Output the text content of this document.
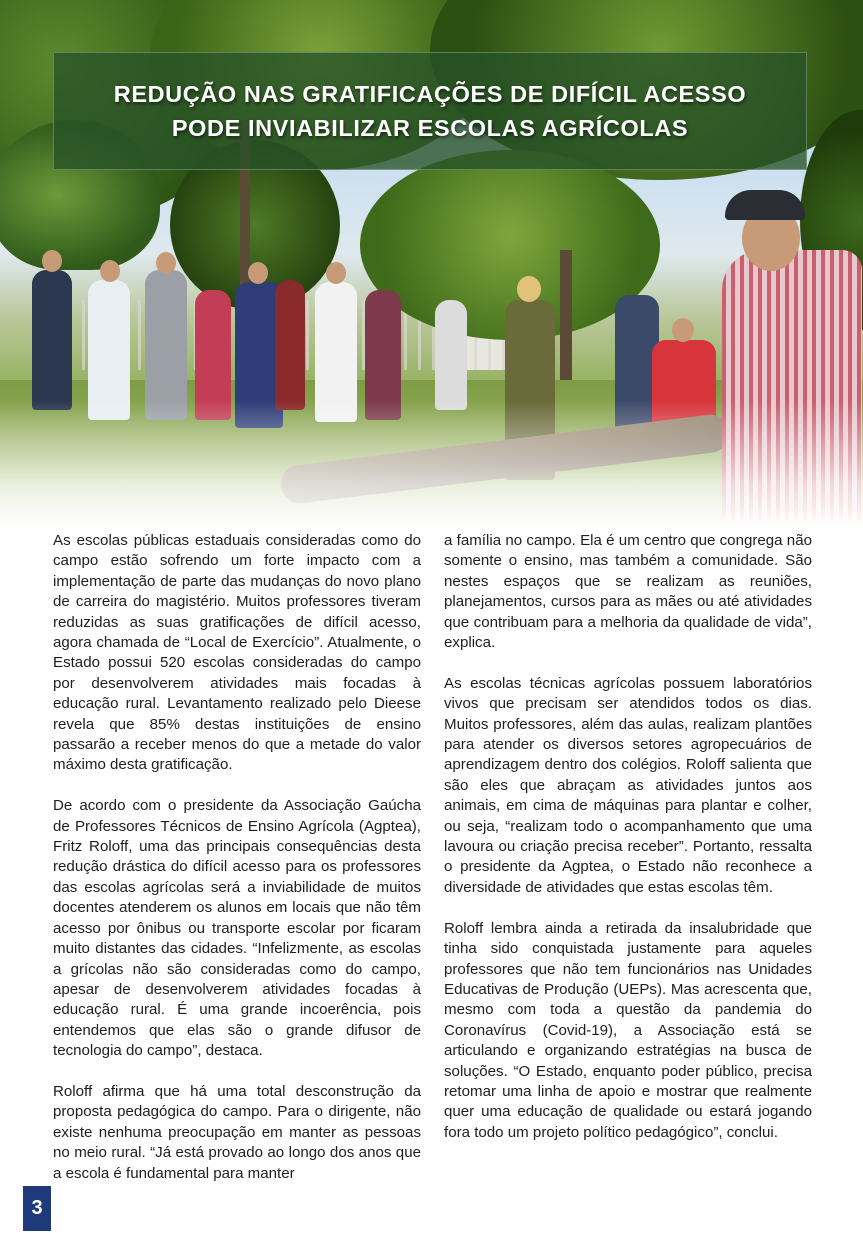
REDUÇÃO NAS GRATIFICAÇÕES DE DIFÍCIL ACESSO
PODE INVIABILIZAR ESCOLAS AGRÍCOLAS

As escolas públicas estaduais consideradas como do campo estão sofrendo um forte impacto com a implementação de parte das mudanças do novo plano de carreira do magistério. Muitos professores tiveram reduzidas as suas gratificações de difícil acesso, agora chamada de “Local de Exercício”. Atualmente, o Estado possui 520 escolas consideradas do campo por desenvolverem atividades mais focadas à educação rural. Levantamento realizado pelo Dieese revela que 85% destas instituições de ensino passarão a receber menos do que a metade do valor máximo desta gratificação.

De acordo com o presidente da Associação Gaúcha de Professores Técnicos de Ensino Agrícola (Agptea), Fritz Roloff, uma das principais consequências desta redução drástica do difícil acesso para os professores das escolas agrícolas será a inviabilidade de muitos docentes atenderem os alunos em locais que não têm acesso por ônibus ou transporte escolar por ficaram muito distantes das cidades. “Infelizmente, as escolas a grícolas não são consideradas como do campo, apesar de desenvolverem atividades focadas à educação rural. É uma grande incoerência, pois entendemos que elas são o grande difusor de tecnologia do campo”, destaca.

Roloff afirma que há uma total desconstrução da proposta pedagógica do campo. Para o dirigente, não existe nenhuma preocupação em manter as pessoas no meio rural. “Já está provado ao longo dos anos que a escola é fundamental para manter

a família no campo. Ela é um centro que congrega não somente o ensino, mas também a comunidade. São nestes espaços que se realizam as reuniões, planejamentos, cursos para as mães ou até atividades que contribuam para a melhoria da qualidade de vida”, explica.

As escolas técnicas agrícolas possuem laboratórios vivos que precisam ser atendidos todos os dias. Muitos professores, além das aulas, realizam plantões para atender os diversos setores agropecuários de aprendizagem dentro dos colégios. Roloff salienta que são eles que abraçam as atividades juntos aos animais, em cima de máquinas para plantar e colher, ou seja, “realizam todo o acompanhamento que uma lavoura ou criação precisa receber”. Portanto, ressalta o presidente da Agptea, o Estado não reconhece a diversidade de atividades que estas escolas têm.

Roloff lembra ainda a retirada da insalubridade que tinha sido conquistada justamente para aqueles professores que não tem funcionários nas Unidades Educativas de Produção (UEPs). Mas acrescenta que, mesmo com toda a questão da pandemia do Coronavírus (Covid-19), a Associação está se articulando e organizando estratégias na busca de soluções. “O Estado, enquanto poder público, precisa retomar uma linha de apoio e mostrar que realmente quer uma educação de qualidade ou estará jogando fora todo um projeto político pedagógico”, conclui.

3
